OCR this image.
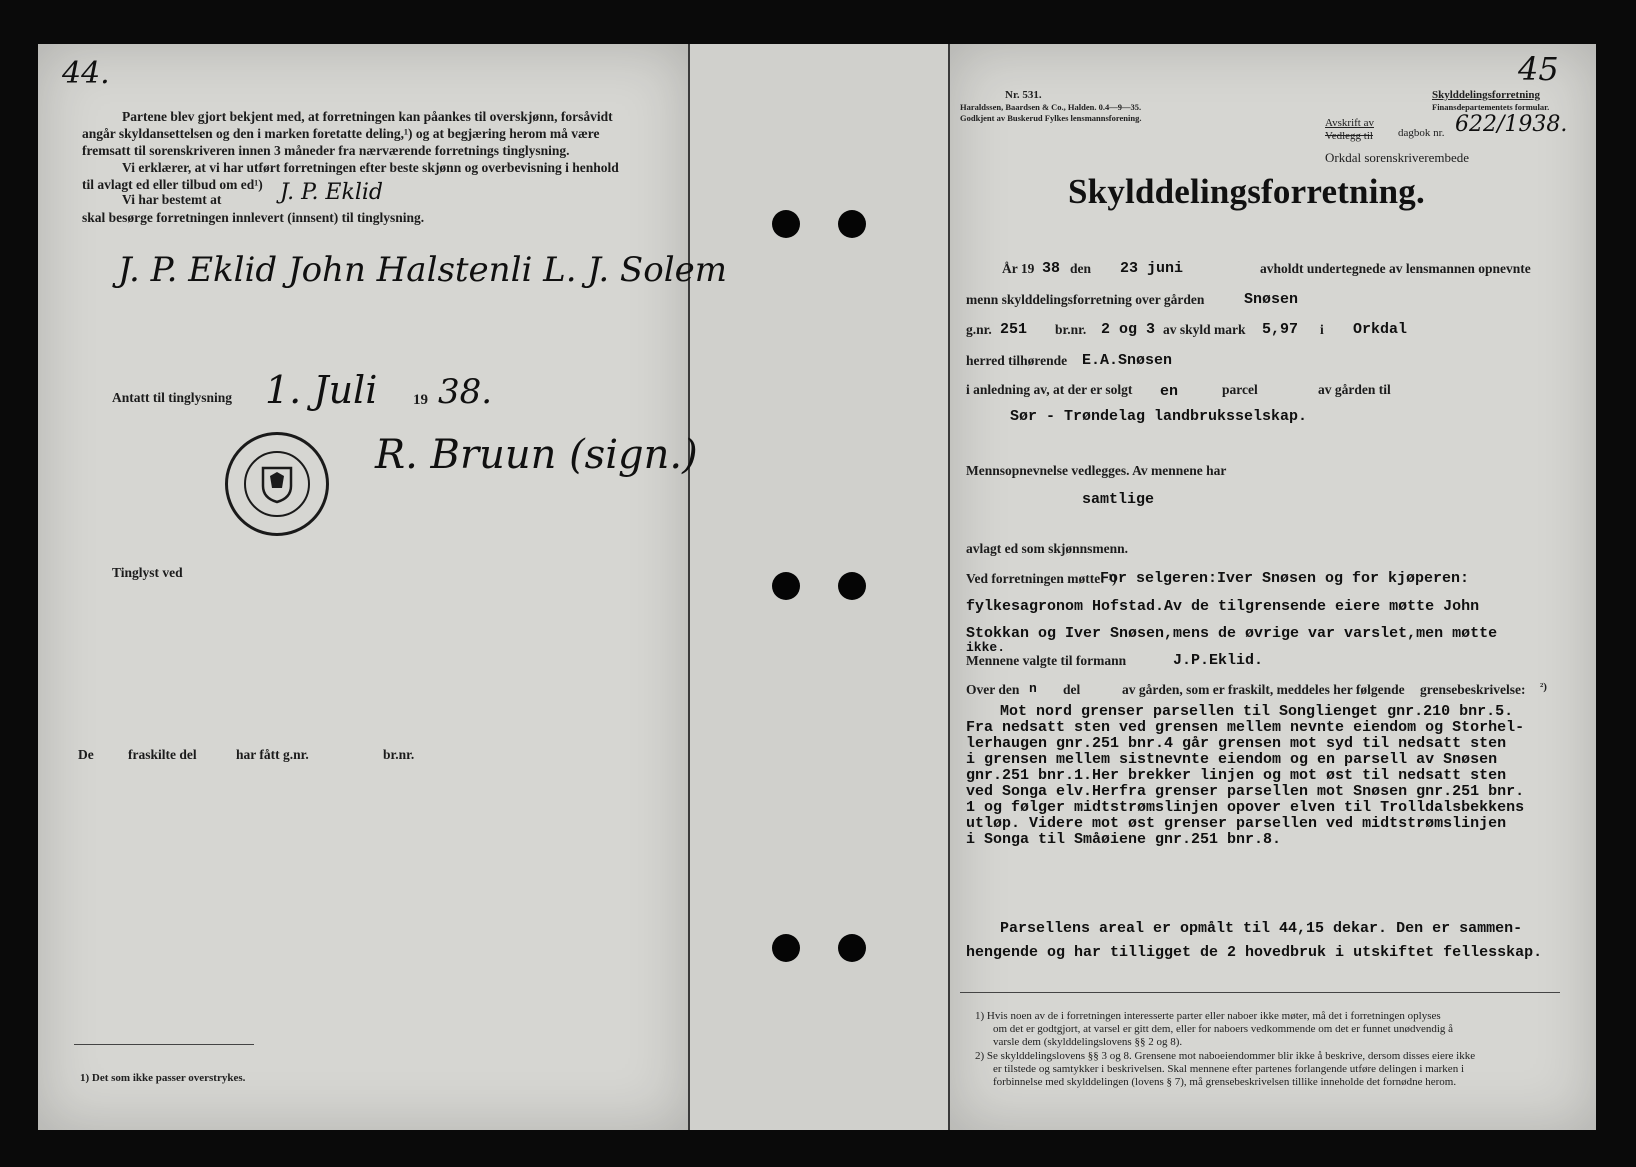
44.

Partene blev gjort bekjent med, at forretningen kan påankes til overskjønn, forsåvidt

angår skyldansettelsen og den i marken foretatte deling,¹) og at begjæring herom må være

fremsatt til sorenskriveren innen 3 måneder fra nærværende forretnings tinglysning.

Vi erklærer, at vi har utført forretningen efter beste skjønn og overbevisning i henhold

til avlagt ed eller tilbud om ed¹)

Vi har bestemt at	J. P. Eklid
skal besørge forretningen innlevert (innsent) til tinglysning.
J. P. Eklid John Halstenli L. J. Solem
Antatt til tinglysning 1. Juli 19 38.
R. Bruun (sign.)
Tinglyst ved
De	fraskilte del	har fått g.nr.	br.nr.
1) Det som ikke passer overstrykes.
45
Nr. 531.
Haraldssen, Baardsen & Co., Halden. 0.4—9—35.
Godkjent av Buskerud Fylkes lensmannsforening.
Skylddelingsforretning
Finansdepartementets formular.
Avskrift av
Vedlegg til dagbok nr. 622/1938.
Orkdal sorenskriverembede
Skylddelingsforretning.
År 19 38 den 23 juni	avholdt undertegnede av lensmannen opnevnte
menn skylddelingsforretning over gården	Snøsen
g.nr. 251 br.nr. 2 og 3 av skyld mark 5,97 i Orkdal
herred tilhørende E.A.Snøsen
i anledning av, at der er solgt en	parcel	av gården til
Sør - Trøndelag landbruksselskap.
Mennsopnevnelse vedlegges. Av mennene har
samtlige
avlagt ed som skjønnsmenn.
Ved forretningen møtte: ¹)
For selgeren:Iver Snøsen og for kjøperen:
fylkesagronom Hofstad.Av de tilgrensende eiere møtte John
Stokkan og Iver Snøsen,mens de øvrige var varslet,men møtte
ikke.
Mennene valgte til formann	J.P.Eklid.
Over den n del	av gården, som er fraskilt, meddeles her følgende grensebeskrivelse: ²)
Mot nord grenser parsellen til Songlienget gnr.210 bnr.5.
Fra nedsatt sten ved grensen mellem nevnte eiendom og Storhel-
lerhaugen gnr.251 bnr.4 går grensen mot syd til nedsatt sten
i grensen mellem sistnevnte eiendom og en parsell av Snøsen
gnr.251 bnr.1.Her brekker linjen og mot øst til nedsatt sten
ved Songa elv.Herfra grenser parsellen mot Snøsen gnr.251 bnr.
1 og følger midtstrømslinjen opover elven til Trolldalsbekkens
utløp. Videre mot øst grenser parsellen ved midtstrømslinjen
i Songa til Småøiene gnr.251 bnr.8.
Parsellens areal er opmålt til 44,15 dekar. Den er sammen-
hengende og har tilligget de 2 hovedbruk i utskiftet fellesskap.
1) Hvis noen av de i forretningen interesserte parter eller naboer ikke møter, må det i forretningen oplyses
om det er godtgjort, at varsel er gitt dem, eller for naboers vedkommende om det er funnet unødvendig å
varsle dem (skylddelingslovens §§ 2 og 8).
2) Se skylddelingslovens §§ 3 og 8. Grensene mot naboeiendommer blir ikke å beskrive, dersom disses eiere ikke
er tilstede og samtykker i beskrivelsen. Skal mennene efter partenes forlangende utføre delingen i marken i
forbinnelse med skylddelingen (lovens § 7), må grensebeskrivelsen tillike inneholde det fornødne herom.
